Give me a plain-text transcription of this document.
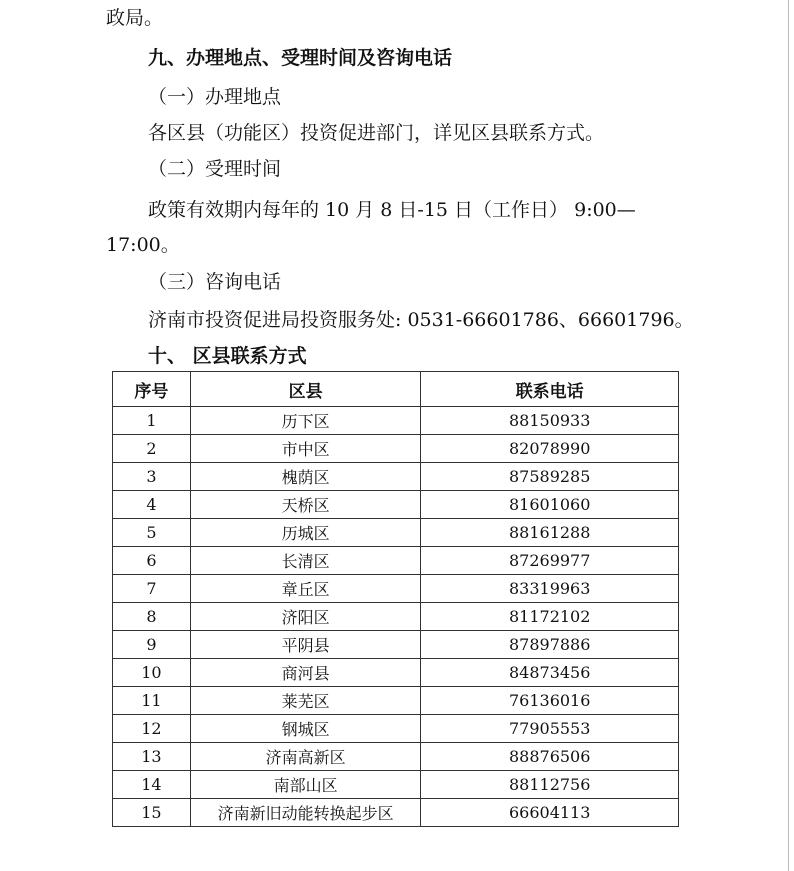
政局。
九、办理地点、受理时间及咨询电话
（一）办理地点
各区县（功能区）投资促进部门，详见区县联系方式。
（二）受理时间
政策有效期内每年的 10 月 8 日-15 日（工作日） 9:00—
17:00。
（三）咨询电话
济南市投资促进局投资服务处: 0531-66601786、66601796。
十、 区县联系方式
序号	区县	联系电话
1	历下区	88150933
2	市中区	82078990
3	槐荫区	87589285
4	天桥区	81601060
5	历城区	88161288
6	长清区	87269977
7	章丘区	83319963
8	济阳区	81172102
9	平阴县	87897886
10	商河县	84873456
11	莱芜区	76136016
12	钢城区	77905553
13	济南高新区	88876506
14	南部山区	88112756
15	济南新旧动能转换起步区	66604113
